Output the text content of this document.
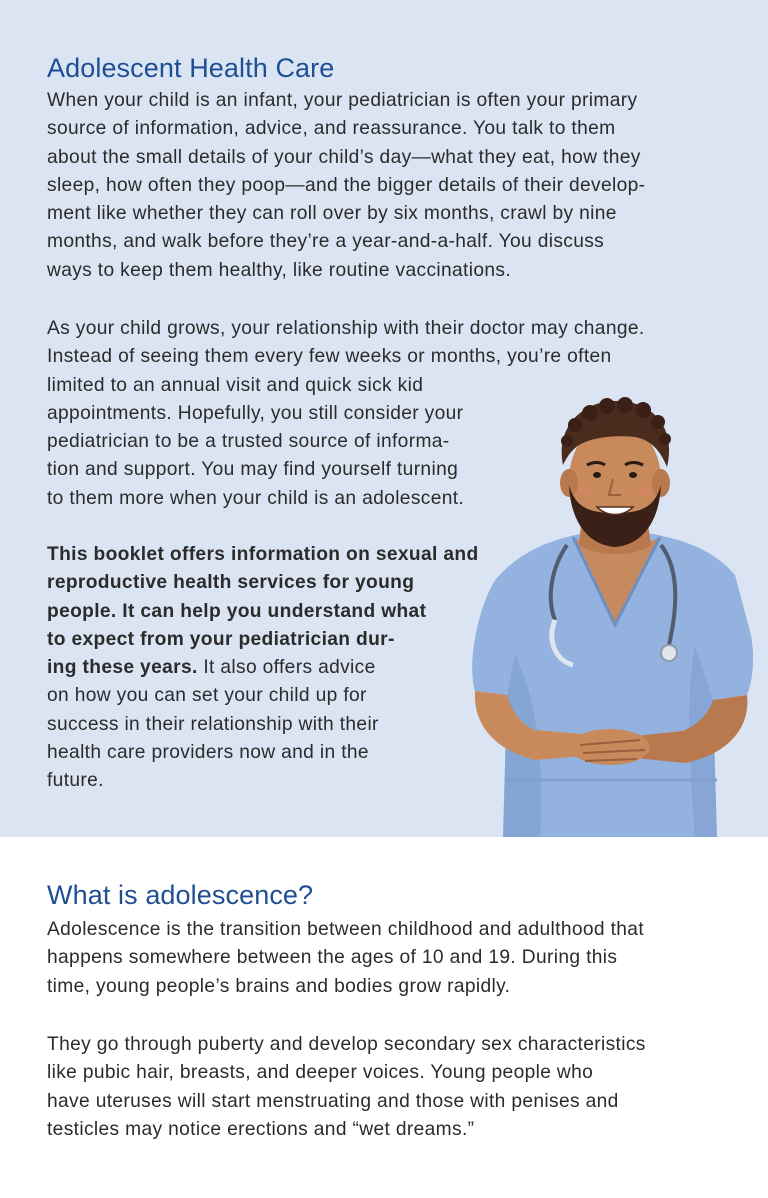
Adolescent Health Care
When your child is an infant, your pediatrician is often your primary
source of information, advice, and reassurance. You talk to them
about the small details of your child’s day—what they eat, how they
sleep, how often they poop—and the bigger details of their develop-
ment like whether they can roll over by six months, crawl by nine
months, and walk before they’re a year-and-a-half. You discuss
ways to keep them healthy, like routine vaccinations.
As your child grows, your relationship with their doctor may change.
Instead of seeing them every few weeks or months, you’re often
limited to an annual visit and quick sick kid
appointments. Hopefully, you still consider your
pediatrician to be a trusted source of informa-
tion and support. You may find yourself turning
to them more when your child is an adolescent.
This booklet offers information on sexual and
reproductive health services for young
people. It can help you understand what
to expect from your pediatrician dur-
ing these years. It also offers advice
on how you can set your child up for
success in their relationship with their
health care providers now and in the
future.
What is adolescence?
Adolescence is the transition between childhood and adulthood that
happens somewhere between the ages of 10 and 19. During this
time, young people’s brains and bodies grow rapidly.
They go through puberty and develop secondary sex characteristics
like pubic hair, breasts, and deeper voices. Young people who
have uteruses will start menstruating and those with penises and
testicles may notice erections and “wet dreams.”
